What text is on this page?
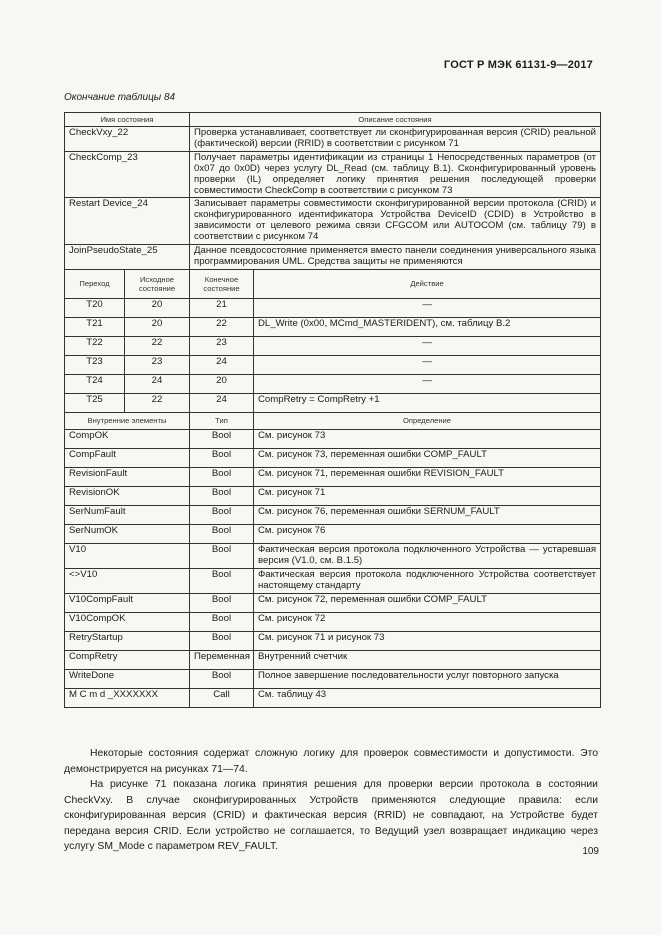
ГОСТ Р МЭК 61131-9—2017
Окончание таблицы 84
Имя состояния		Описание состояния	
CheckVxy_22		Проверка устанавливает, соответствует ли сконфигурированная версия (CRID) реальной (фактической) версии (RRID) в соответствии с рисунком 71	
CheckComp_23		Получает параметры идентификации из страницы 1 Непосредственных параметров (от 0x07 до 0x0D) через услугу DL_Read (см. таблицу B.1). Сконфигурированный уровень проверки (IL) определяет логику принятия решения последующей проверки совместимости CheckComp в соответствии с рисунком 73	
Restart Device_24		Записывает параметры совместимости сконфигурированной версии протокола (CRID) и сконфигурированного идентификатора Устройства DeviceID (CDID) в Устройство в зависимости от целевого режима связи CFGCOM или AUTOCOM (см. таблицу 79) в соответствии с рисунком 74	
JoinPseudoState_25		Данное псевдосостояние применяется вместо панели соединения универсального языка программирования UML. Средства защиты не применяются	
Переход	Исходное состояние	Конечное состояние	Действие
T20	20	21	—
T21	20	22	DL_Write (0x00, MCmd_MASTERIDENT), см. таблицу B.2
T22	22	23	—
T23	23	24	—
T24	24	20	—
T25	22	24	CompRetry = CompRetry +1
Внутренние элементы		Тип	Определение
CompOK		Bool	См. рисунок 73
CompFault		Bool	См. рисунок 73, переменная ошибки COMP_FAULT
RevisionFault		Bool	См. рисунок 71, переменная ошибки REVISION_FAULT
RevisionOK		Bool	См. рисунок 71
SerNumFault		Bool	См. рисунок 76, переменная ошибки SERNUM_FAULT
SerNumOK		Bool	См. рисунок 76
V10		Bool	Фактическая версия протокола подключенного Устройства — устаревшая версия (V1.0, см. B.1.5)
<>V10		Bool	Фактическая версия протокола подключенного Устройства соответствует настоящему стандарту
V10CompFault		Bool	См. рисунок 72, переменная ошибки COMP_FAULT
V10CompOK		Bool	См. рисунок 72
RetryStartup		Bool	См. рисунок 71 и рисунок 73
CompRetry		Переменная	Внутренний счетчик
WriteDone		Bool	Полное завершение последовательности услуг повторного запуска
M C m d _XXXXXXX		Call	См. таблицу 43

Некоторые состояния содержат сложную логику для проверок совместимости и допустимости. Это демонстрируется на рисунках 71—74.

На рисунке 71 показана логика принятия решения для проверки версии протокола в состоянии CheckVxy. В случае сконфигурированных Устройств применяются следующие правила: если сконфигурированная версия (CRID) и фактическая версия (RRID) не совпадают, на Устройстве будет передана версия CRID. Если устройство не соглашается, то Ведущий узел возвращает индикацию через услугу SM_Mode с параметром REV_FAULT.	109
